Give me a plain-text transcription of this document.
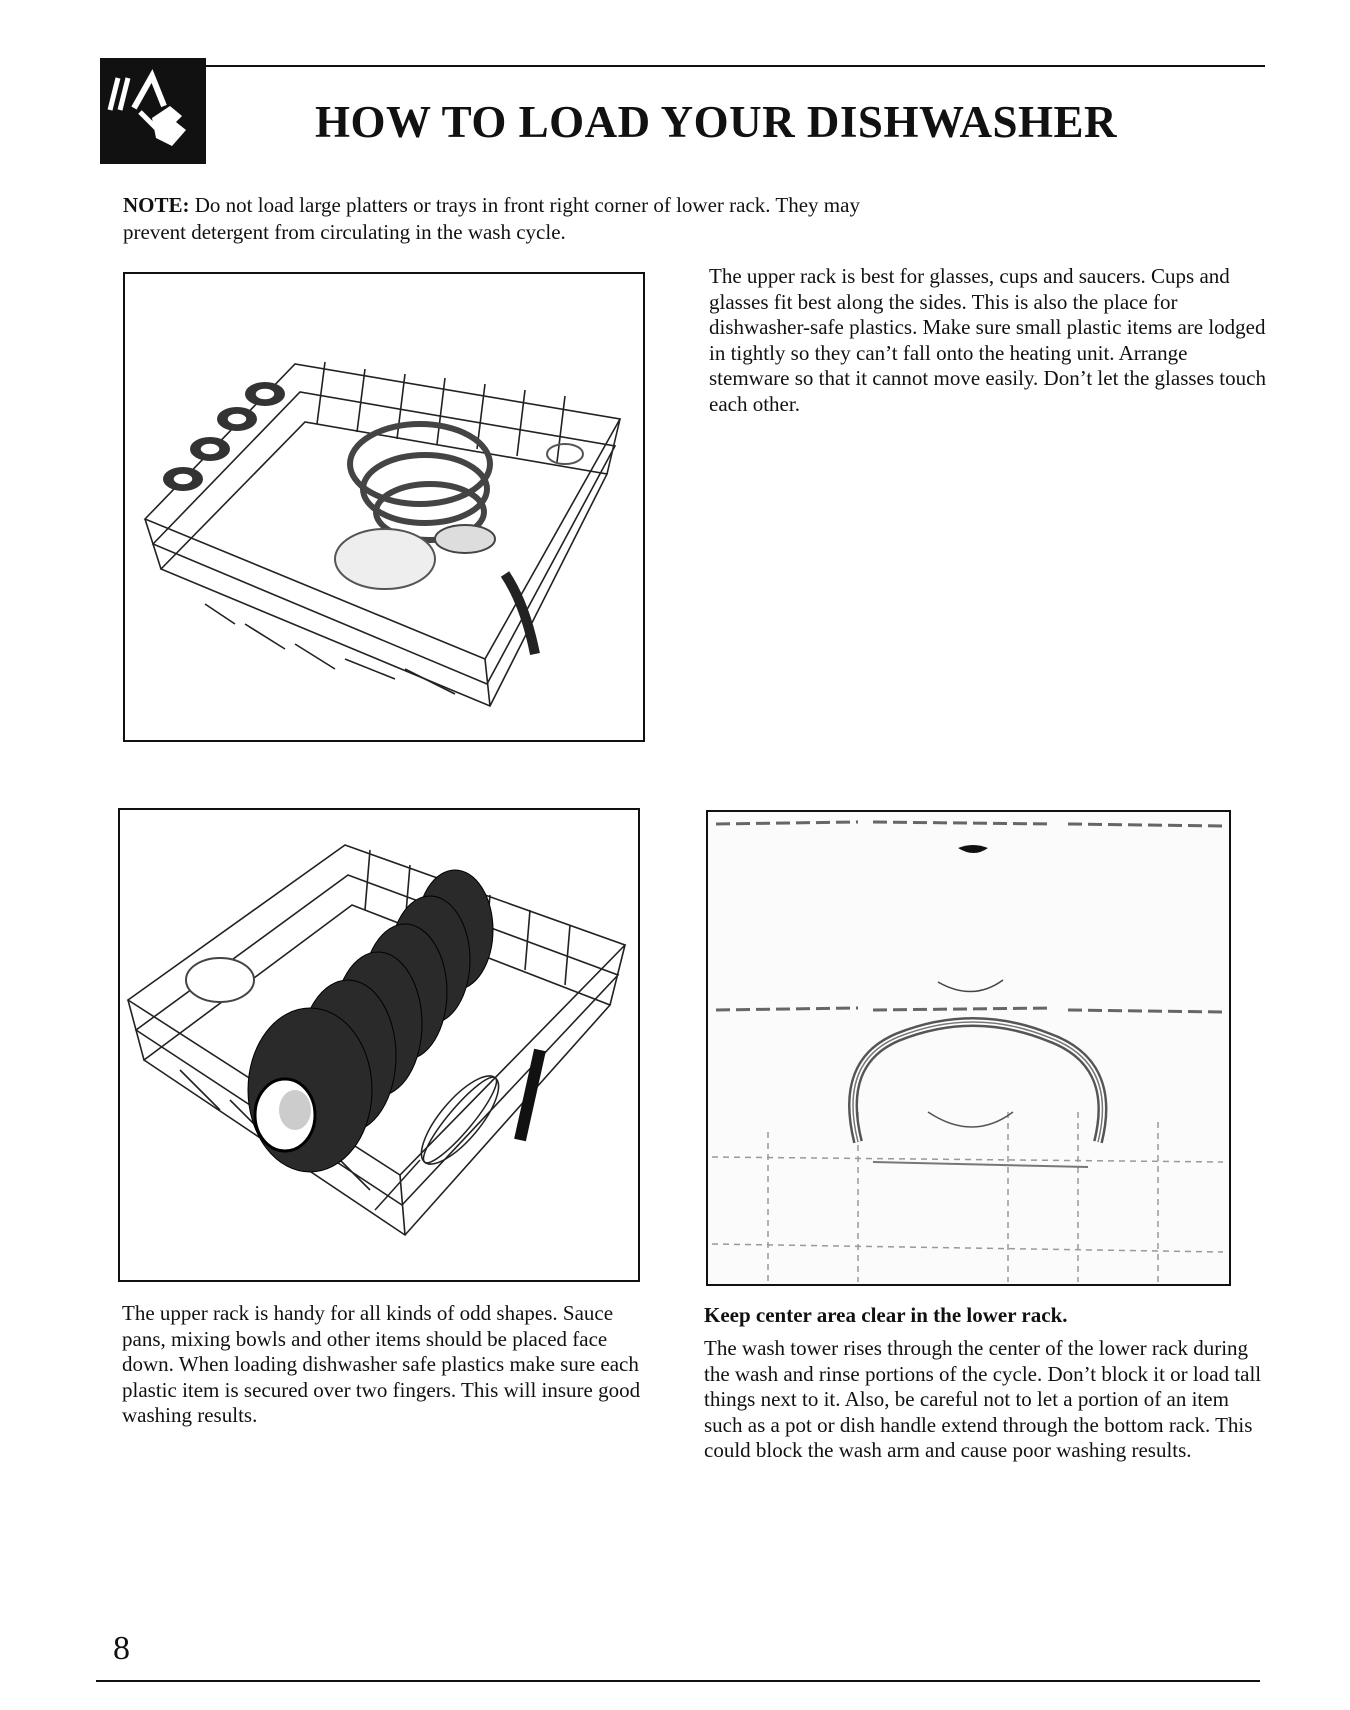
HOW TO LOAD YOUR DISHWASHER

NOTE: Do not load large platters or trays in front right corner of lower rack. They may prevent detergent from circulating in the wash cycle.

The upper rack is best for glasses, cups and saucers. Cups and glasses fit best along the sides. This is also the place for dishwasher-safe plastics. Make sure small plastic items are lodged in tightly so they can’t fall onto the heating unit. Arrange stemware so that it cannot move easily. Don’t let the glasses touch each other.

The upper rack is handy for all kinds of odd shapes. Sauce pans, mixing bowls and other items should be placed face down. When loading dishwasher safe plastics make sure each plastic item is secured over two fingers. This will insure good washing results.

Keep center area clear in the lower rack.

The wash tower rises through the center of the lower rack during the wash and rinse portions of the cycle. Don’t block it or load tall things next to it. Also, be careful not to let a portion of an item such as a pot or dish handle extend through the bottom rack. This could block the wash arm and cause poor washing results.

8
